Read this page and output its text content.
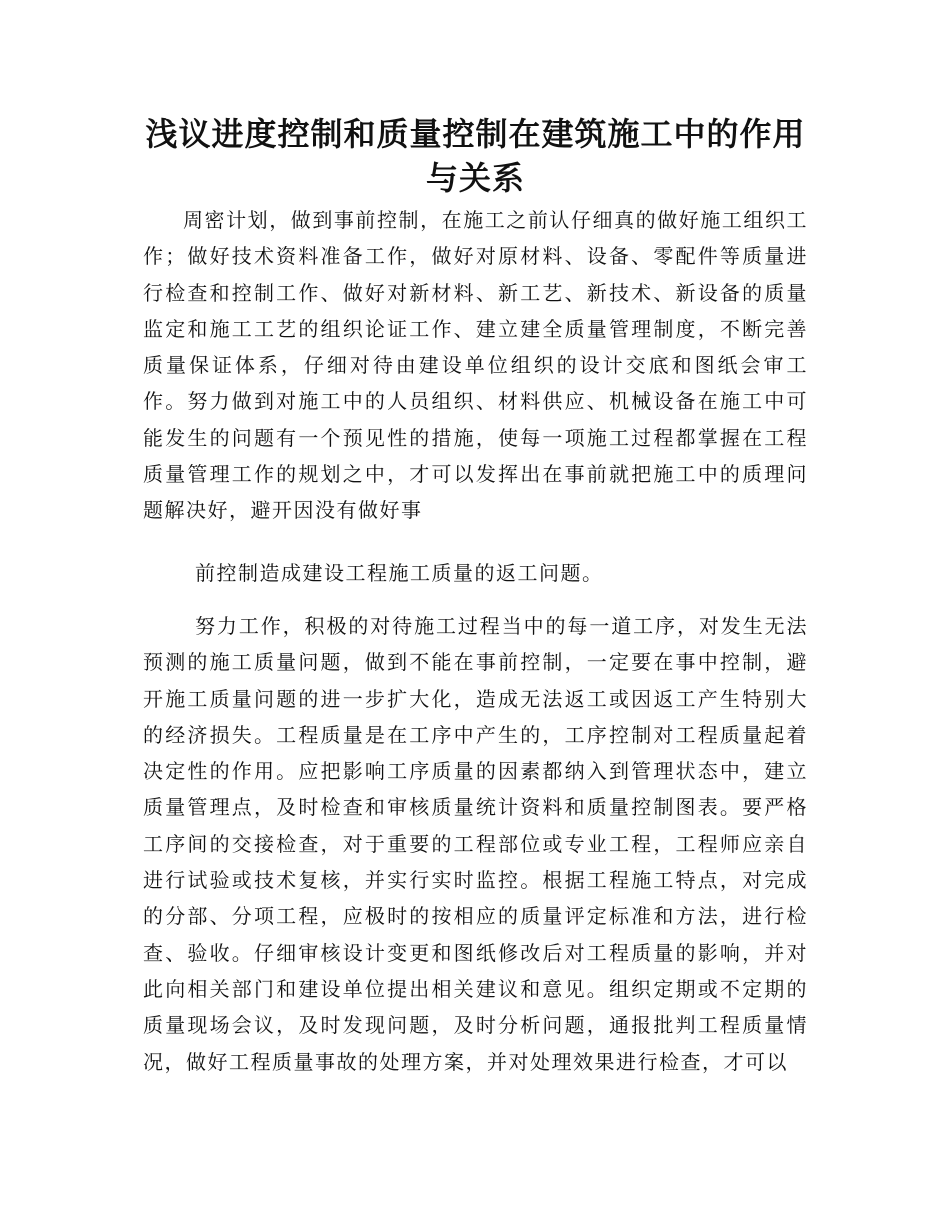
浅议进度控制和质量控制在建筑施工中的作用与关系

周密计划，做到事前控制，在施工之前认仔细真的做好施工组织工作；做好技术资料准备工作，做好对原材料、设备、零配件等质量进行检查和控制工作、做好对新材料、新工艺、新技术、新设备的质量监定和施工工艺的组织论证工作、建立建全质量管理制度，不断完善质量保证体系，仔细对待由建设单位组织的设计交底和图纸会审工作。努力做到对施工中的人员组织、材料供应、机械设备在施工中可能发生的问题有一个预见性的措施，使每一项施工过程都掌握在工程质量管理工作的规划之中，才可以发挥出在事前就把施工中的质理问题解决好，避开因没有做好事

前控制造成建设工程施工质量的返工问题。

努力工作，积极的对待施工过程当中的每一道工序，对发生无法预测的施工质量问题，做到不能在事前控制，一定要在事中控制，避开施工质量问题的进一步扩大化，造成无法返工或因返工产生特别大的经济损失。工程质量是在工序中产生的，工序控制对工程质量起着决定性的作用。应把影响工序质量的因素都纳入到管理状态中，建立质量管理点，及时检查和审核质量统计资料和质量控制图表。要严格工序间的交接检查，对于重要的工程部位或专业工程，工程师应亲自进行试验或技术复核，并实行实时监控。根据工程施工特点，对完成的分部、分项工程，应极时的按相应的质量评定标准和方法，进行检查、验收。仔细审核设计变更和图纸修改后对工程质量的影响，并对此向相关部门和建设单位提出相关建议和意见。组织定期或不定期的质量现场会议，及时发现问题，及时分析问题，通报批判工程质量情况，做好工程质量事故的处理方案，并对处理效果进行检查，才可以
